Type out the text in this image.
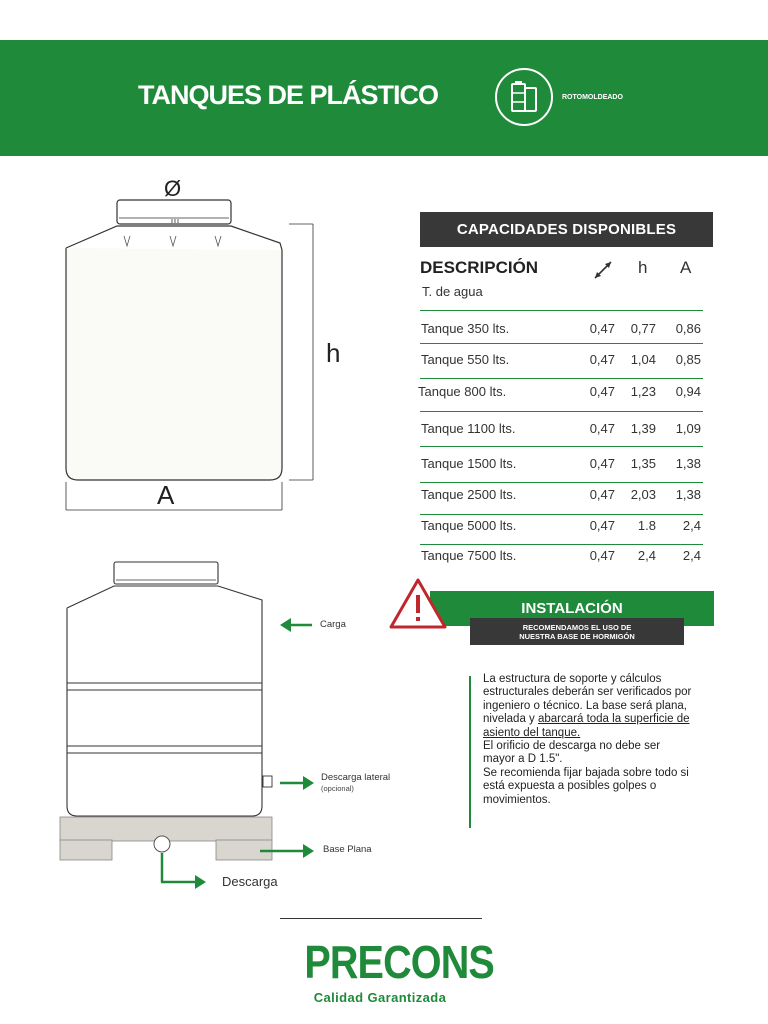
TANQUES DE PLÁSTICO	ROTOMOLDEADO
Ø
h
A
CAPACIDADES DISPONIBLES
DESCRIPCIÓN
T. de agua
h A
Tanque 350 lts.	0,47 0,77 0,86
Tanque 550 lts.	0,47 1,04 0,85
Tanque 800 lts.	0,47 1,23 0,94
Tanque 1100 lts.	0,47 1,39 1,09
Tanque 1500 lts.	0,47 1,35 1,38
Tanque 2500 lts.	0,47 2,03 1,38
Tanque 5000 lts.	0,47 1.8 2,4
Tanque 7500 lts.	0,47 2,4 2,4
INSTALACIÓN
RECOMENDAMOS EL USO DE
NUESTRA BASE DE HORMIGÓN
La estructura de soporte y cálculos estructurales deberán ser verificados por ingeniero o técnico. La base será plana, nivelada y abarcará toda la superficie de asiento del tanque.
El orificio de descarga no debe ser mayor a D 1.5".
Se recomienda fijar bajada sobre todo si está expuesta a posibles golpes o movimientos.
Carga
Descarga lateral
(opcional)
Base Plana
Descarga
PRECONS
Calidad Garantizada
